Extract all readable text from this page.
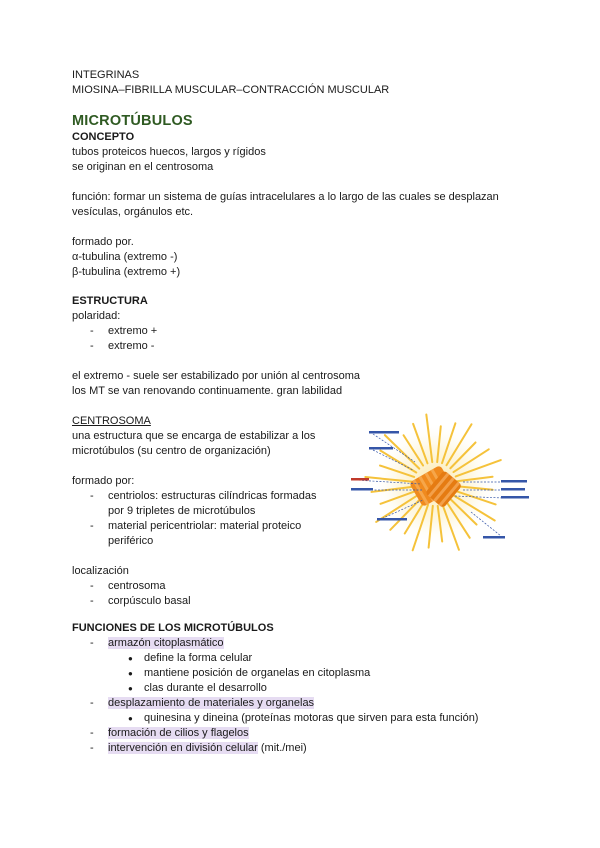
INTEGRINAS

MIOSINA–FIBRILLA MUSCULAR–CONTRACCIÓN MUSCULAR

MICROTÚBULOS

CONCEPTO

tubos proteicos huecos, largos y rígidos

se originan en el centrosoma

función: formar un sistema de guías intracelulares a lo largo de las cuales se desplazan

vesículas, orgánulos etc.

formado por.

α-tubulina (extremo -)

β-tubulina (extremo +)

ESTRUCTURA

polaridad:

- extremo +
- extremo -

el extremo - suele ser estabilizado por unión al centrosoma

los MT se van renovando continuamente. gran labilidad

CENTROSOMA

una estructura que se encarga de estabilizar a los

microtúbulos (su centro de organización)

formado por:

- centriolos: estructuras cilíndricas formadas por 9 tripletes de microtúbulos
- material pericentriolar: material proteico periférico

localización

- centrosoma
- corpúsculo basal

FUNCIONES DE LOS MICROTÚBULOS

- armazón citoplasmático
● define la forma celular
● mantiene posición de organelas en citoplasma
● clas durante el desarrollo
- desplazamiento de materiales y organelas
● quinesina y dineina (proteínas motoras que sirven para esta función)
- formación de cilios y flagelos
- intervención en división celular (mit./mei)
